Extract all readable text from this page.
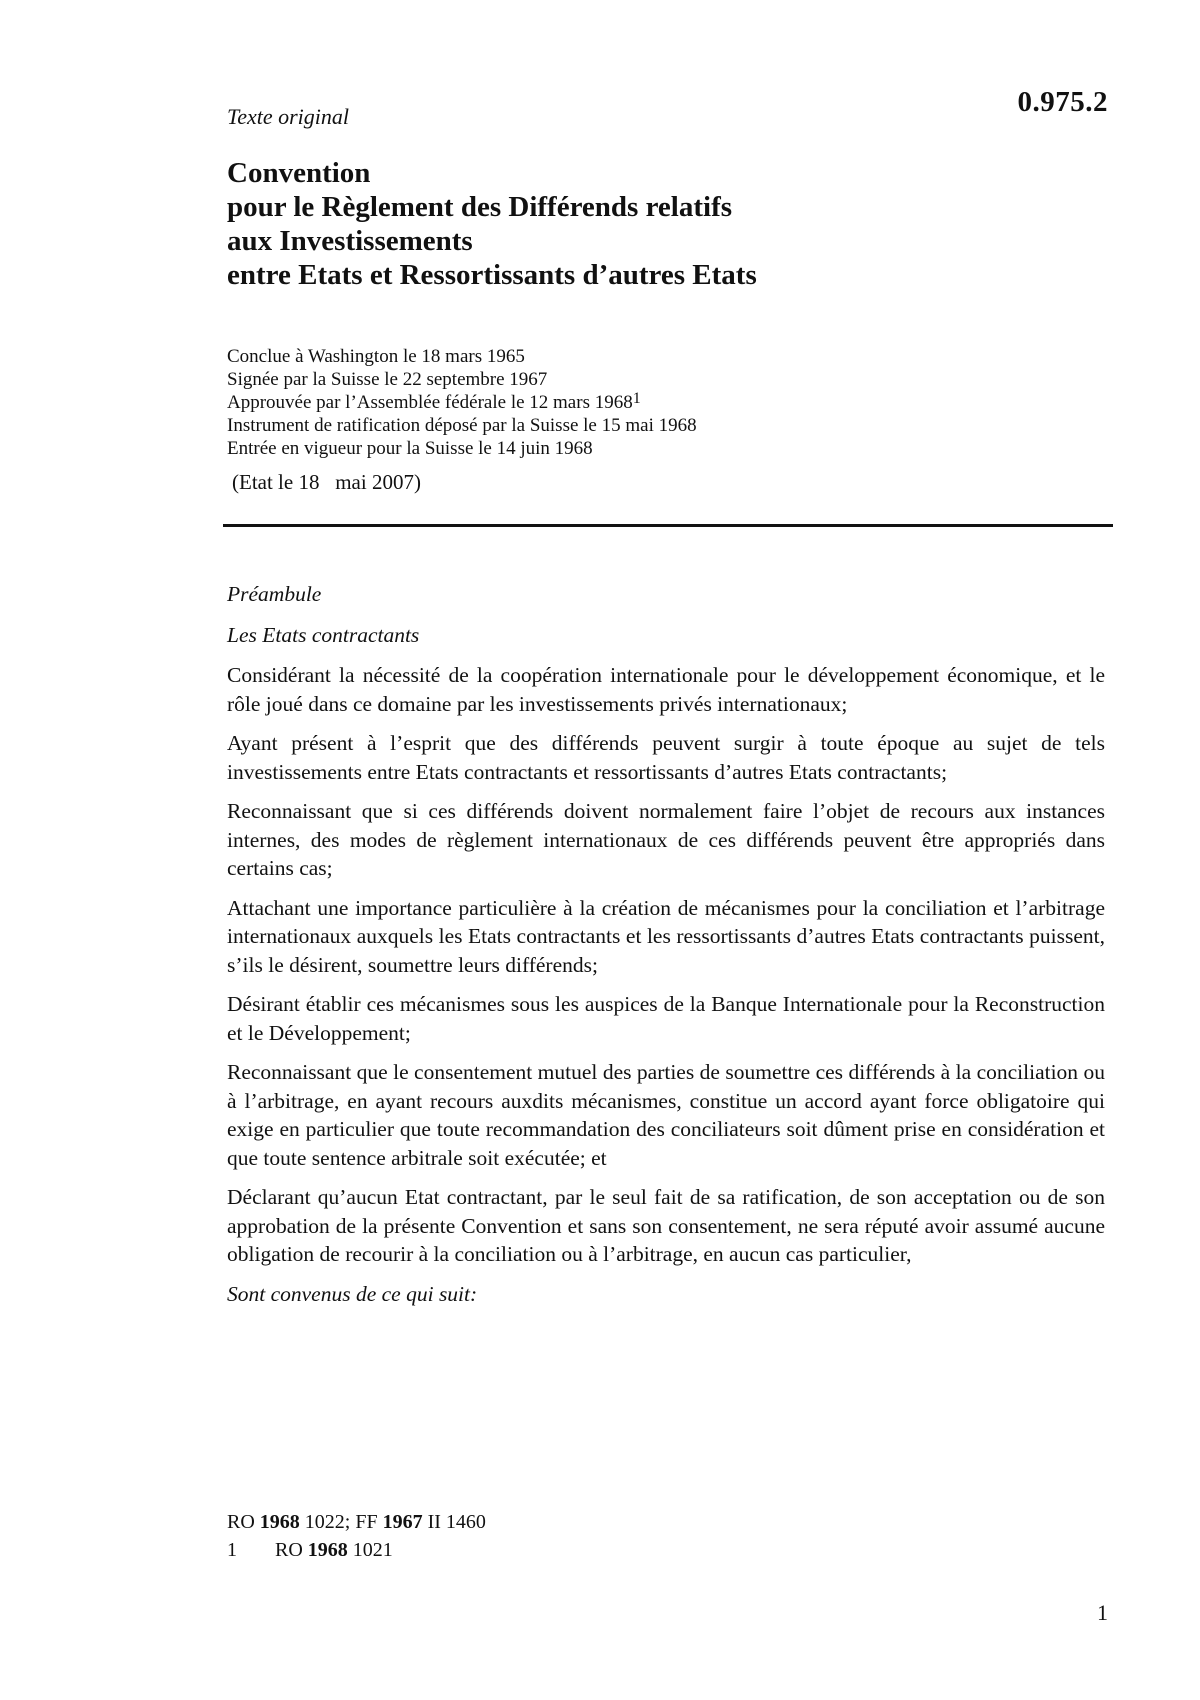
0.975.2
Texte original
Convention
pour le Règlement des Différends relatifs
aux Investissements
entre Etats et Ressortissants d’autres Etats
Conclue à Washington le 18 mars 1965
Signée par la Suisse le 22 septembre 1967
Approuvée par l’Assemblée fédérale le 12 mars 1968$^1$
Instrument de ratification déposé par la Suisse le 15 mai 1968
Entrée en vigueur pour la Suisse le 14 juin 1968
(Etat le 18   mai 2007)

Préambule

Les Etats contractants

Considérant la nécessité de la coopération internationale pour le développement économique, et le rôle joué dans ce domaine par les investissements privés internationaux;

Ayant présent à l’esprit que des différends peuvent surgir à toute époque au sujet de tels investissements entre Etats contractants et ressortissants d’autres Etats contractants;

Reconnaissant que si ces différends doivent normalement faire l’objet de recours aux instances internes, des modes de règlement internationaux de ces différends peuvent être appropriés dans certains cas;

Attachant une importance particulière à la création de mécanismes pour la conciliation et l’arbitrage internationaux auxquels les Etats contractants et les ressortissants d’autres Etats contractants puissent, s’ils le désirent, soumettre leurs différends;

Désirant établir ces mécanismes sous les auspices de la Banque Internationale pour la Reconstruction et le Développement;

Reconnaissant que le consentement mutuel des parties de soumettre ces différends à la conciliation ou à l’arbitrage, en ayant recours auxdits mécanismes, constitue un accord ayant force obligatoire qui exige en particulier que toute recommandation des conciliateurs soit dûment prise en considération et que toute sentence arbitrale soit exécutée; et

Déclarant qu’aucun Etat contractant, par le seul fait de sa ratification, de son acceptation ou de son approbation de la présente Convention et sans son consentement, ne sera réputé avoir assumé aucune obligation de recourir à la conciliation ou à l’arbitrage, en aucun cas particulier,

Sont convenus de ce qui suit:

RO 1968 1022; FF 1967 II 1460
1 RO 1968 1021
1
